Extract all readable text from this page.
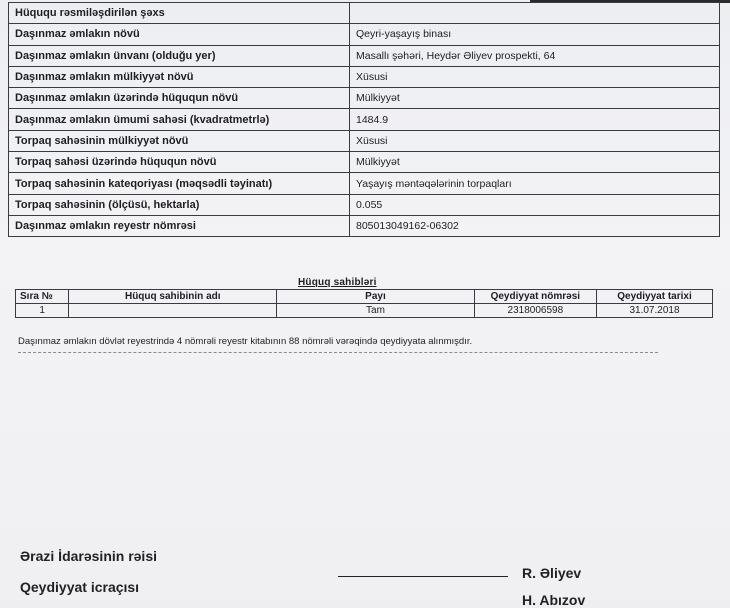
Hüququ rəsmiləşdirilən şəxs	
Daşınmaz əmlakın növü	Qeyri-yaşayış binası
Daşınmaz əmlakın ünvanı (olduğu yer)	Masallı şəhəri, Heydər Əliyev prospekti, 64
Daşınmaz əmlakın mülkiyyət növü	Xüsusi
Daşınmaz əmlakın üzərində hüququn növü	Mülkiyyət
Daşınmaz əmlakın ümumi sahəsi (kvadratmetrlə)	1484.9
Torpaq sahəsinin mülkiyyət növü	Xüsusi
Torpaq sahəsi üzərində hüququn növü	Mülkiyyət
Torpaq sahəsinin kateqoriyası (məqsədli təyinatı)	Yaşayış məntəqələrinin torpaqları
Torpaq sahəsinin (ölçüsü, hektarla)	0.055
Daşınmaz əmlakın reyestr nömrəsi	805013049162-06302
Hüquq sahibləri
Sıra №	Hüquq sahibinin adı	Payı	Qeydiyyat nömrəsi	Qeydiyyat tarixi
1		Tam	2318006598	31.07.2018
Daşınmaz əmlakın dövlət reyestrində 4 nömrəli reyestr kitabının 88 nömrəli vərəqində qeydiyyata alınmışdır.
Ərazi İdarəsinin rəisi
Qeydiyyat icraçısı
R. Əliyev
H. Abızov
